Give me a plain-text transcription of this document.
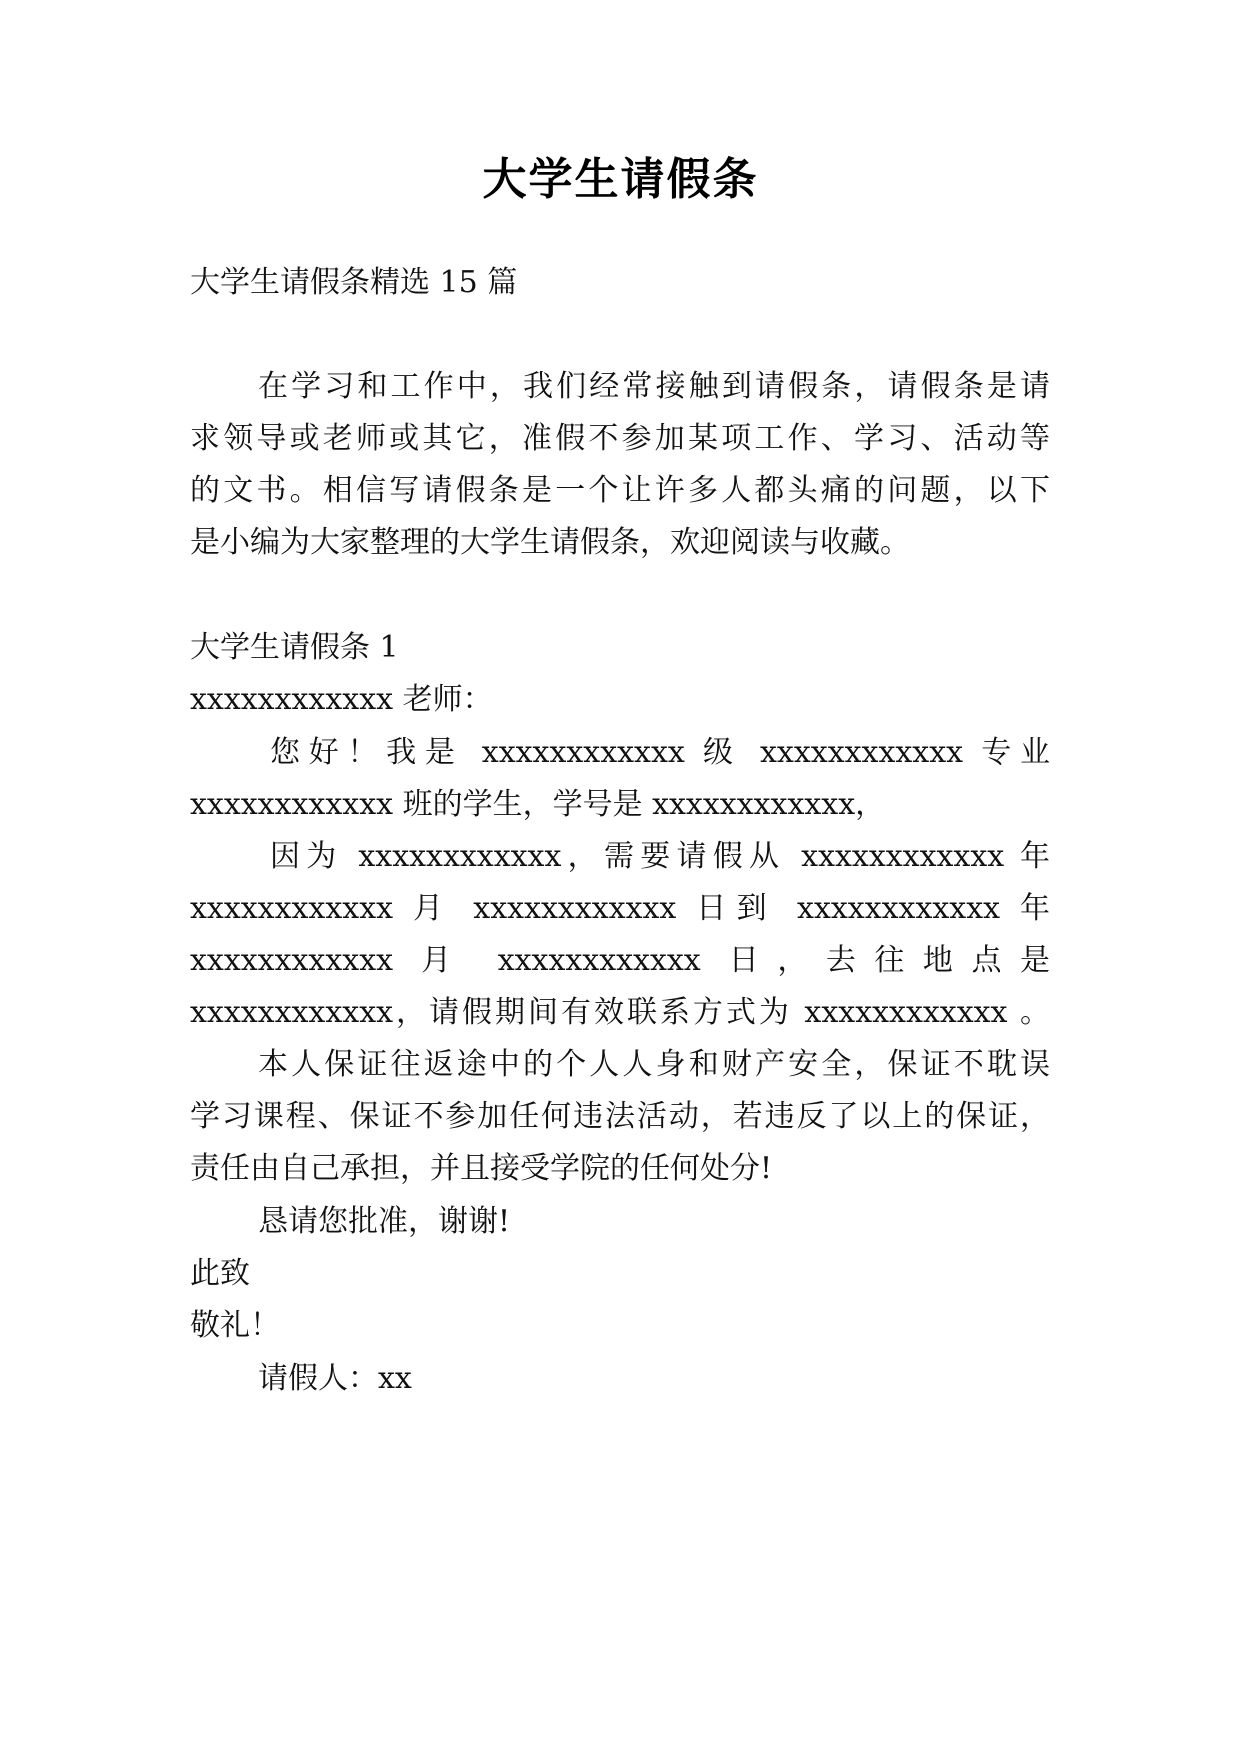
大学生请假条
大学生请假条精选 15 篇
在学习和工作中，我们经常接触到请假条，请假条是请
求领导或老师或其它，准假不参加某项工作、学习、活动等
的文书。相信写请假条是一个让许多人都头痛的问题，以下
是小编为大家整理的大学生请假条，欢迎阅读与收藏。
大学生请假条 1
xxxxxxxxxxxx 老师：
您好！我是 xxxxxxxxxxxx 级 xxxxxxxxxxxx 专业
xxxxxxxxxxxx 班的学生，学号是 xxxxxxxxxxxx，
因为 xxxxxxxxxxxx，需要请假从 xxxxxxxxxxxx 年
xxxxxxxxxxxx 月 xxxxxxxxxxxx 日到 xxxxxxxxxxxx 年
xxxxxxxxxxxx 月 xxxxxxxxxxxx 日，去往地点是
xxxxxxxxxxxx，请假期间有效联系方式为 xxxxxxxxxxxx 。
本人保证往返途中的个人人身和财产安全，保证不耽误
学习课程、保证不参加任何违法活动，若违反了以上的保证，
责任由自己承担，并且接受学院的任何处分!
恳请您批准，谢谢!
此致
敬礼！
请假人：xx
